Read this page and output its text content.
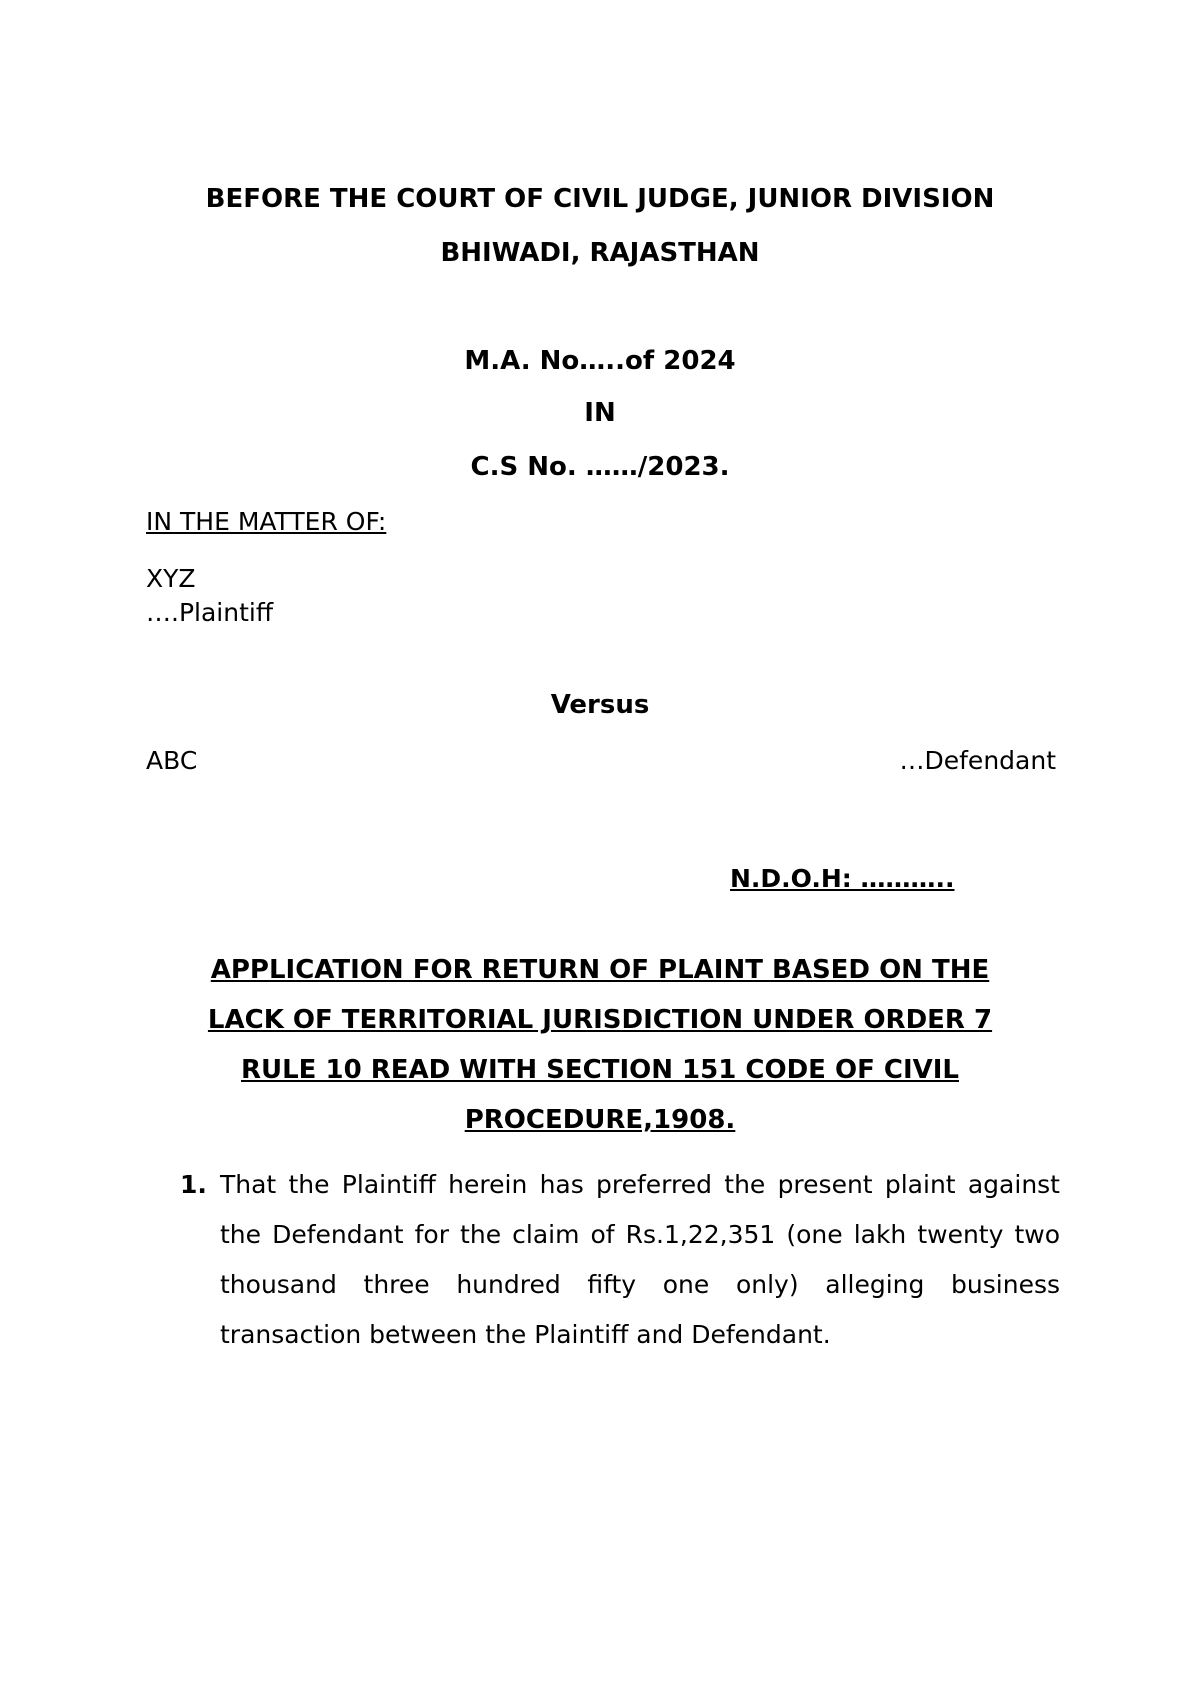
BEFORE THE COURT OF CIVIL JUDGE, JUNIOR DIVISION

BHIWADI, RAJASTHAN

M.A. No…..of 2024

IN

C.S No. ……/2023.

IN THE MATTER OF:

XYZ

….Plaintiff

Versus

ABC	…Defendant

N.D.O.H: ………..

APPLICATION FOR RETURN OF PLAINT BASED ON THE
LACK OF TERRITORIAL JURISDICTION UNDER ORDER 7
RULE 10 READ WITH SECTION 151 CODE OF CIVIL
PROCEDURE,1908.
1. That the Plaintiff herein has preferred the present plaint against the Defendant for the claim of Rs.1,22,351 (one lakh twenty two thousand three hundred fifty one only) alleging business transaction between the Plaintiff and Defendant.
